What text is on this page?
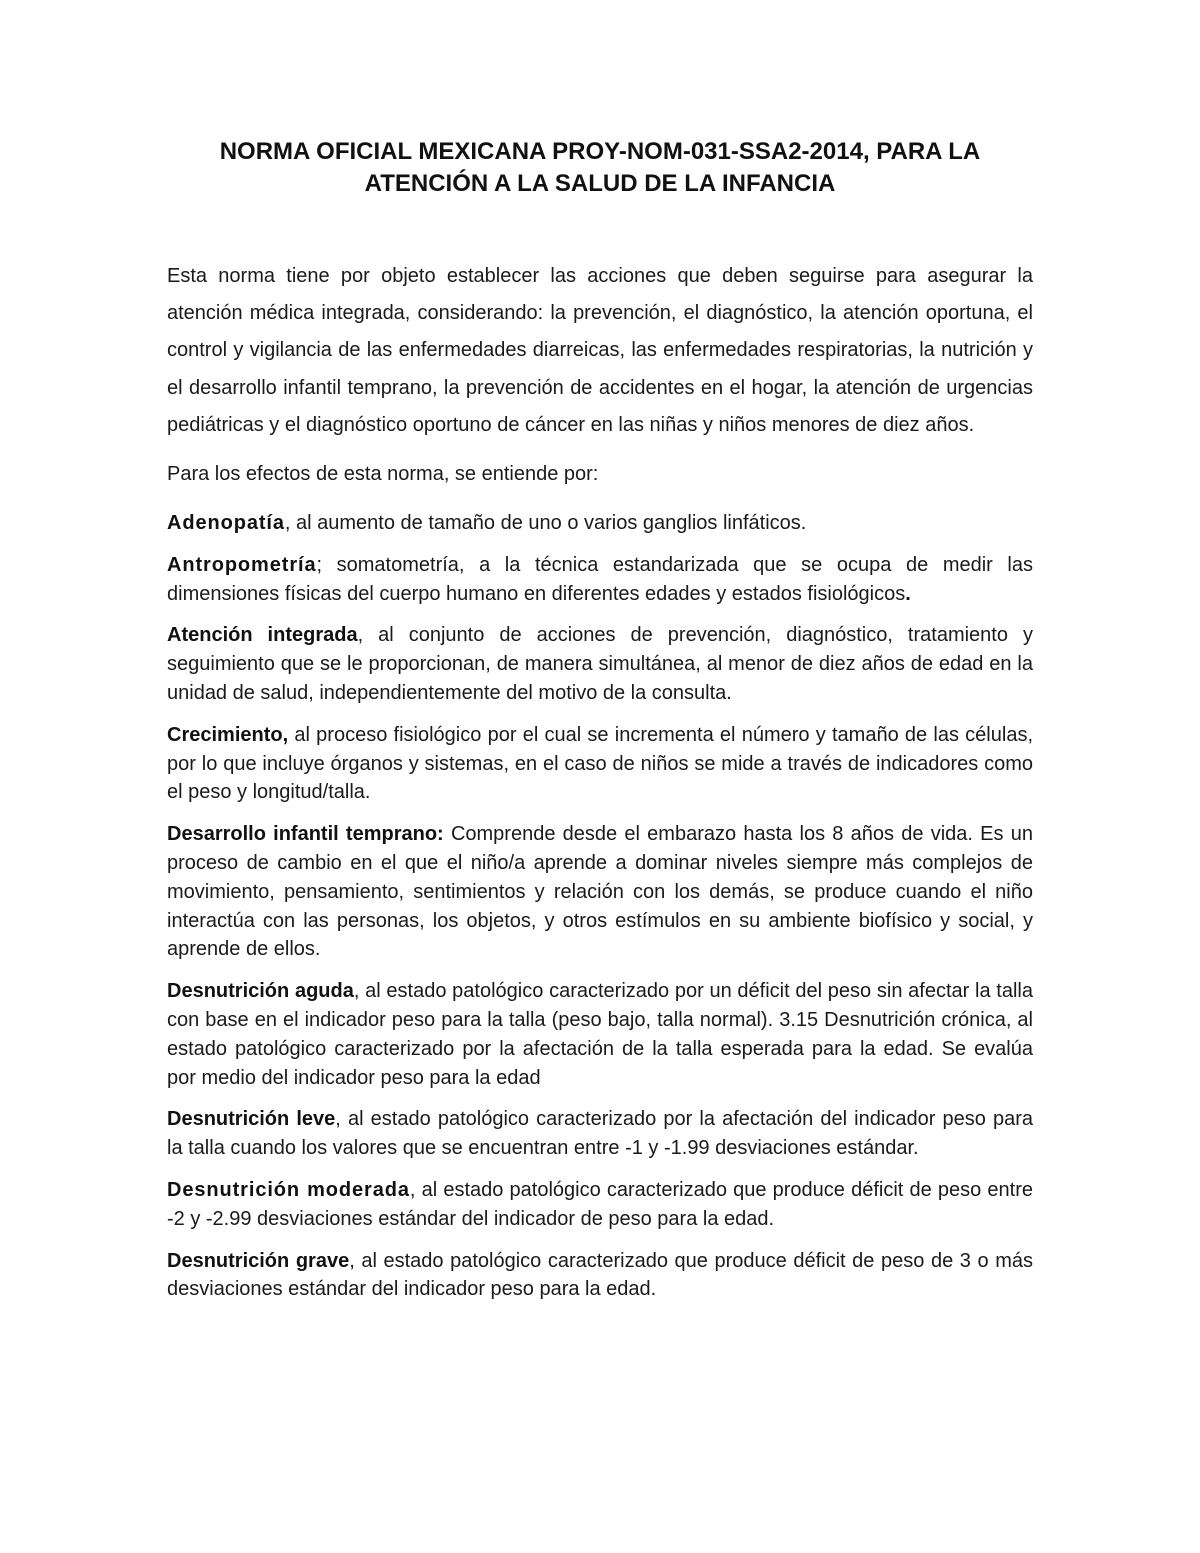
NORMA OFICIAL MEXICANA PROY-NOM-031-SSA2-2014, PARA LA
ATENCIÓN A LA SALUD DE LA INFANCIA

Esta norma tiene por objeto establecer las acciones que deben seguirse para asegurar la atención médica integrada, considerando: la prevención, el diagnóstico, la atención oportuna, el control y vigilancia de las enfermedades diarreicas, las enfermedades respiratorias, la nutrición y el desarrollo infantil temprano, la prevención de accidentes en el hogar, la atención de urgencias pediátricas y el diagnóstico oportuno de cáncer en las niñas y niños menores de diez años.

Para los efectos de esta norma, se entiende por:

Adenopatía, al aumento de tamaño de uno o varios ganglios linfáticos.

Antropometría; somatometría, a la técnica estandarizada que se ocupa de medir las dimensiones físicas del cuerpo humano en diferentes edades y estados fisiológicos.

Atención integrada, al conjunto de acciones de prevención, diagnóstico, tratamiento y seguimiento que se le proporcionan, de manera simultánea, al menor de diez años de edad en la unidad de salud, independientemente del motivo de la consulta.

Crecimiento, al proceso fisiológico por el cual se incrementa el número y tamaño de las células, por lo que incluye órganos y sistemas, en el caso de niños se mide a través de indicadores como el peso y longitud/talla.

Desarrollo infantil temprano: Comprende desde el embarazo hasta los 8 años de vida. Es un proceso de cambio en el que el niño/a aprende a dominar niveles siempre más complejos de movimiento, pensamiento, sentimientos y relación con los demás, se produce cuando el niño interactúa con las personas, los objetos, y otros estímulos en su ambiente biofísico y social, y aprende de ellos.

Desnutrición aguda, al estado patológico caracterizado por un déficit del peso sin afectar la talla con base en el indicador peso para la talla (peso bajo, talla normal). 3.15 Desnutrición crónica, al estado patológico caracterizado por la afectación de la talla esperada para la edad. Se evalúa por medio del indicador peso para la edad

Desnutrición leve, al estado patológico caracterizado por la afectación del indicador peso para la talla cuando los valores que se encuentran entre -1 y -1.99 desviaciones estándar.

Desnutrición moderada, al estado patológico caracterizado que produce déficit de peso entre -2 y -2.99 desviaciones estándar del indicador de peso para la edad.

Desnutrición grave, al estado patológico caracterizado que produce déficit de peso de 3 o más desviaciones estándar del indicador peso para la edad.
